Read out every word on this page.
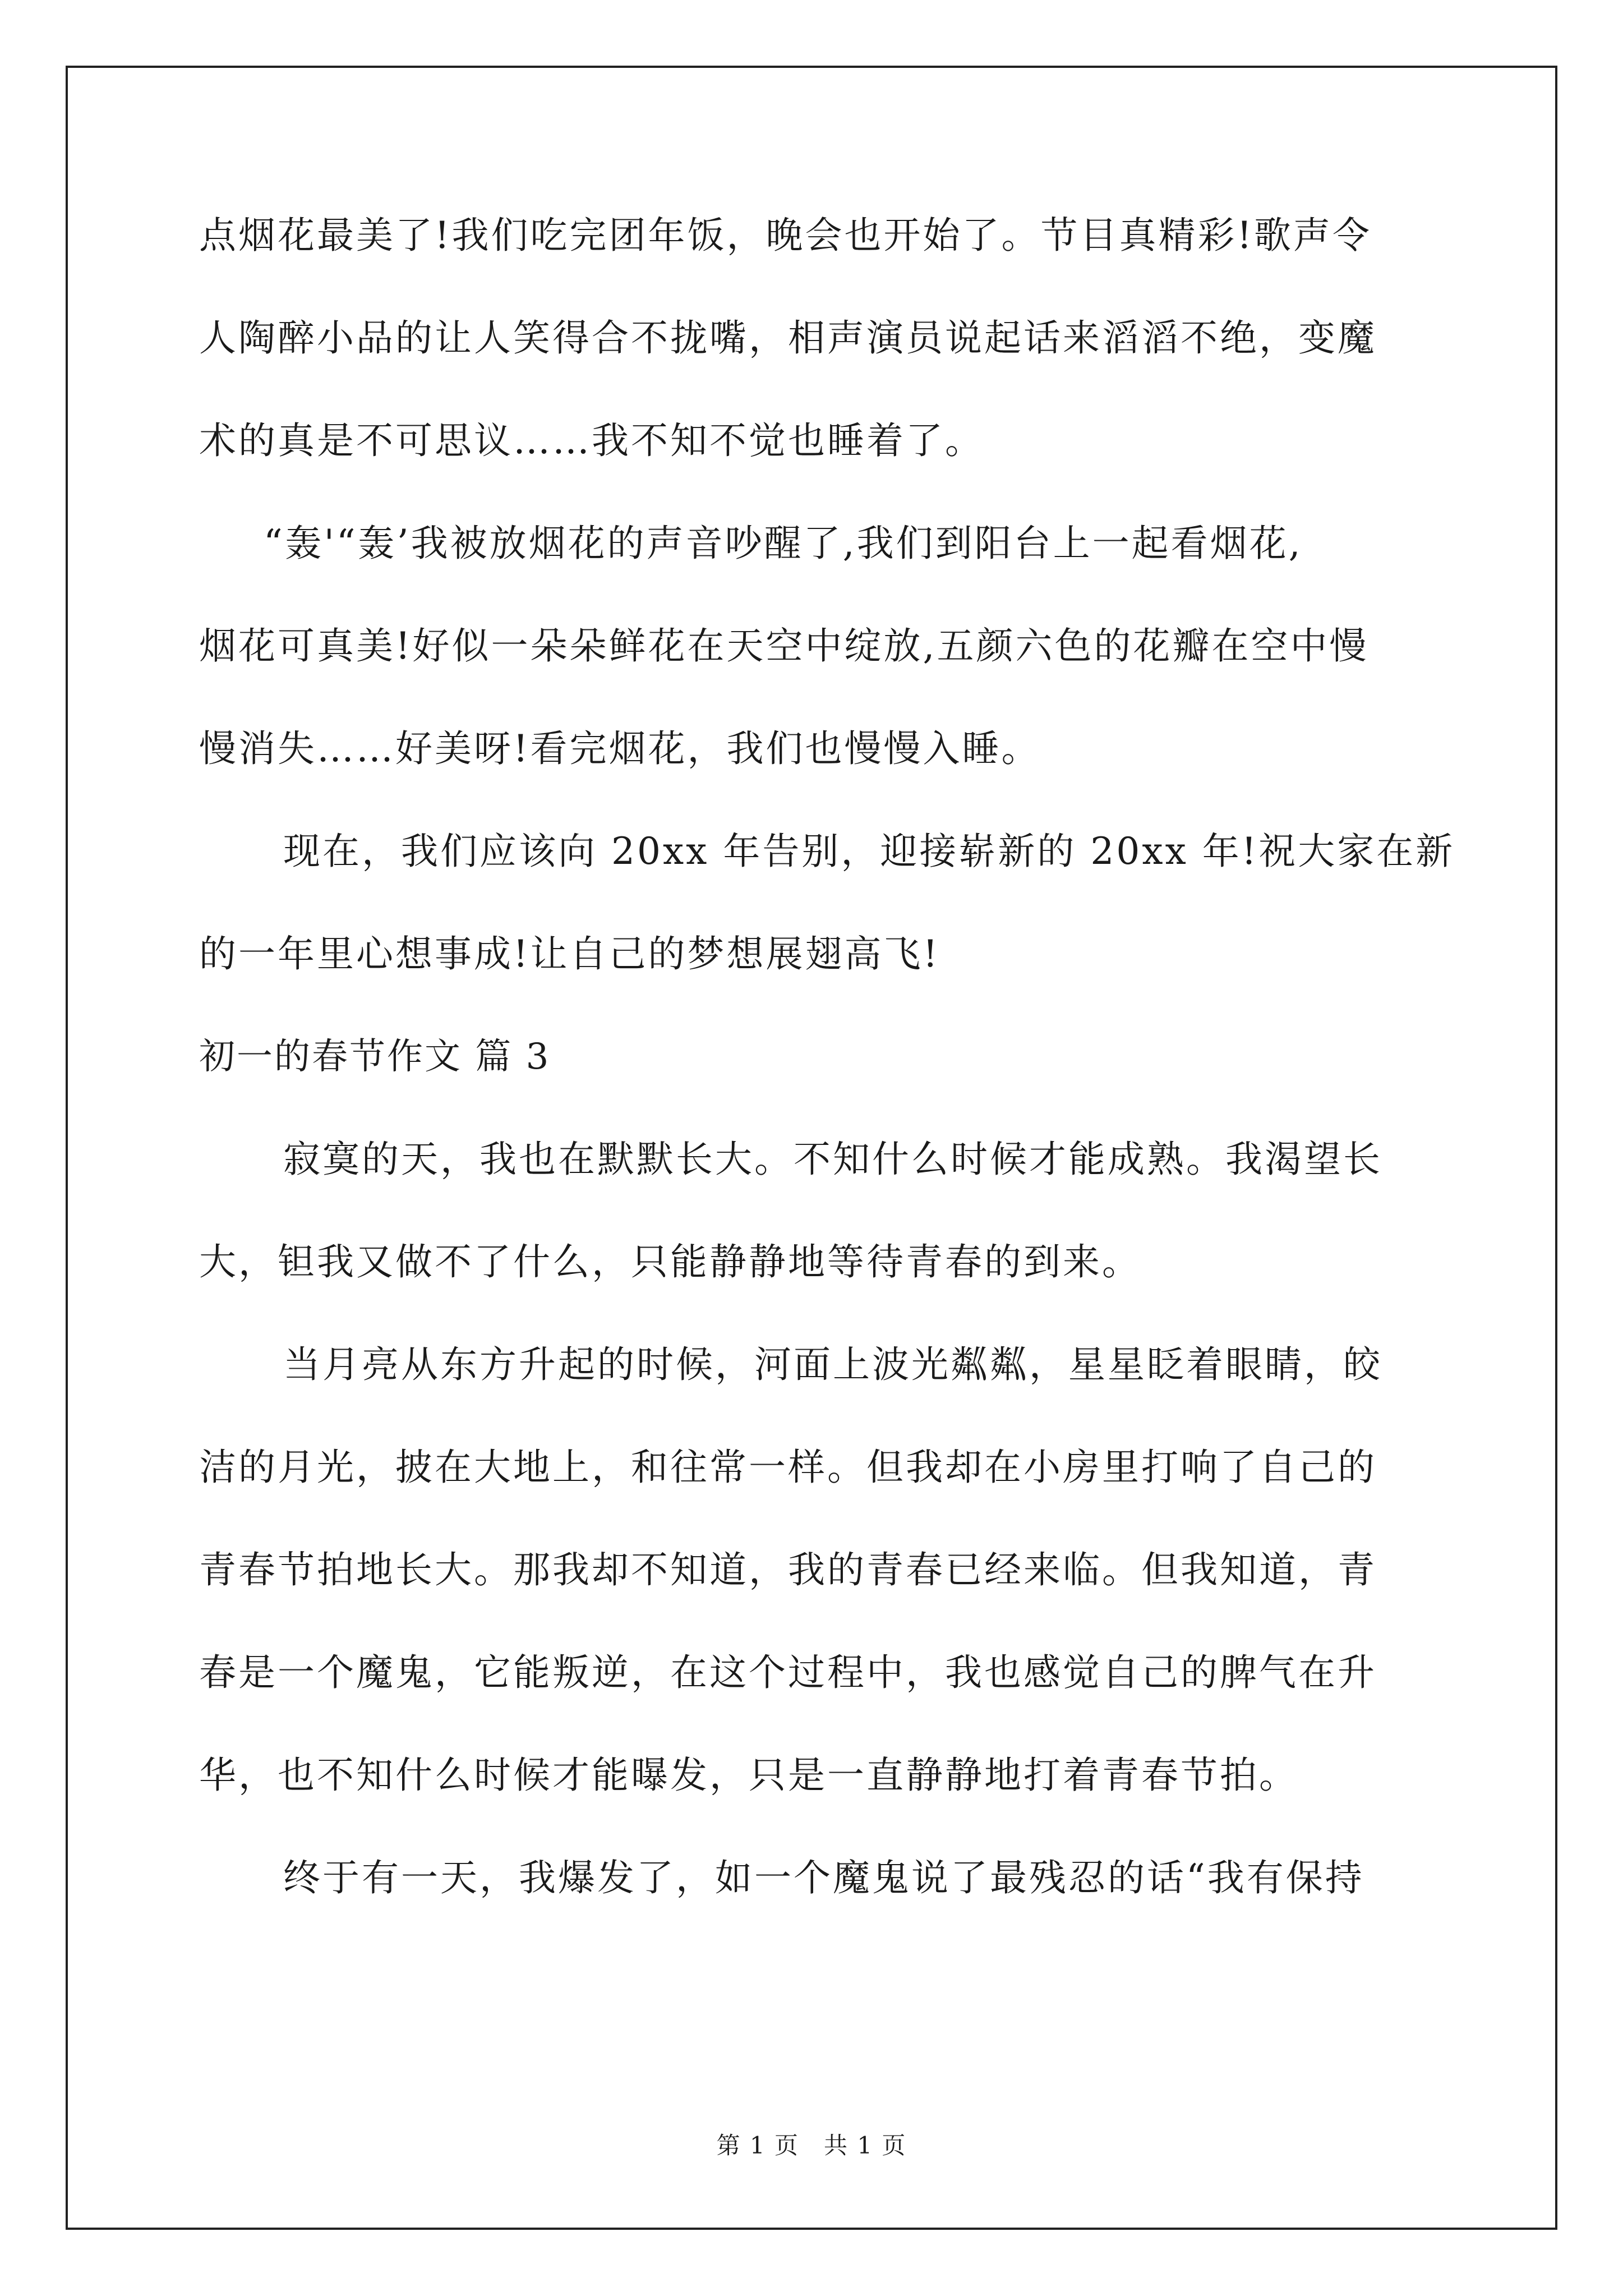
点烟花最美了!我们吃完团年饭，晚会也开始了。节目真精彩!歌声令
人陶醉小品的让人笑得合不拢嘴，相声演员说起话来滔滔不绝，变魔
术的真是不可思议……我不知不觉也睡着了。
“轰'“轰’我被放烟花的声音吵醒了,我们到阳台上一起看烟花,
烟花可真美!好似一朵朵鲜花在天空中绽放,五颜六色的花瓣在空中慢
慢消失……好美呀!看完烟花，我们也慢慢入睡。
现在，我们应该向 20xx 年告别，迎接崭新的 20xx 年!祝大家在新
的一年里心想事成!让自己的梦想展翅高飞!
初一的春节作文 篇 3
寂寞的天，我也在默默长大。不知什么时候才能成熟。我渴望长
大，钽我又做不了什么，只能静静地等待青春的到来。
当月亮从东方升起的时候，河面上波光粼粼，星星眨着眼睛，皎
洁的月光，披在大地上，和往常一样。但我却在小房里打响了自己的
青春节拍地长大。那我却不知道，我的青春已经来临。但我知道，青
春是一个魔鬼，它能叛逆，在这个过程中，我也感觉自己的脾气在升
华，也不知什么时候才能曝发，只是一直静静地打着青春节拍。
终于有一天，我爆发了，如一个魔鬼说了最残忍的话“我有保持
第 1 页　共 1 页
